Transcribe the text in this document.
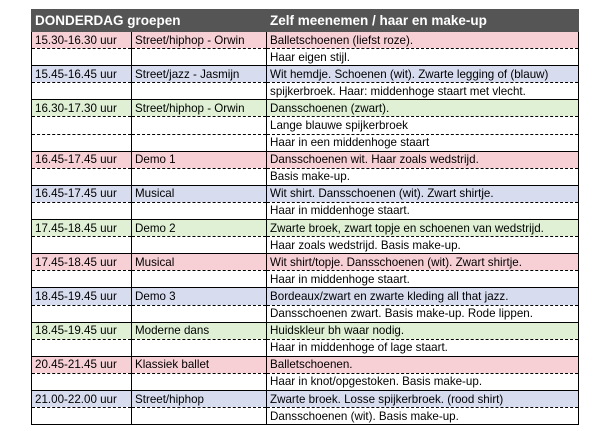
DONDERDAG groepen		Zelf meenemen / haar en make-up
15.30-16.30 uur	Street/hiphop - Orwin	Balletschoenen (liefst roze).
		Haar eigen stijl.
15.45-16.45 uur	Street/jazz - Jasmijn	Wit hemdje. Schoenen (wit). Zwarte legging of (blauw)
		spijkerbroek. Haar: middenhoge staart met vlecht.
16.30-17.30 uur	Street/hiphop - Orwin	Dansschoenen (zwart).
		Lange blauwe spijkerbroek
		Haar in een middenhoge staart
16.45-17.45 uur	Demo 1	Dansschoenen wit. Haar zoals wedstrijd.
		Basis make-up.
16.45-17.45 uur	Musical	Wit shirt. Dansschoenen (wit). Zwart shirtje.
		Haar in middenhoge staart.
17.45-18.45 uur	Demo 2	Zwarte broek, zwart topje en schoenen van wedstrijd.
		Haar zoals wedstrijd. Basis make-up.
17.45-18.45 uur	Musical	Wit shirt/topje. Dansschoenen (wit). Zwart shirtje.
		Haar in middenhoge staart.
18.45-19.45 uur	Demo 3	Bordeaux/zwart en zwarte kleding all that jazz.
		Dansschoenen zwart. Basis make-up. Rode lippen.
18.45-19.45 uur	Moderne dans	Huidskleur bh waar nodig.
		Haar in middenhoge of lage staart.
20.45-21.45 uur	Klassiek ballet	Balletschoenen.
		Haar in knot/opgestoken. Basis make-up.
21.00-22.00 uur	Street/hiphop	Zwarte broek. Losse spijkerbroek. (rood shirt)
		Dansschoenen (wit). Basis make-up.
